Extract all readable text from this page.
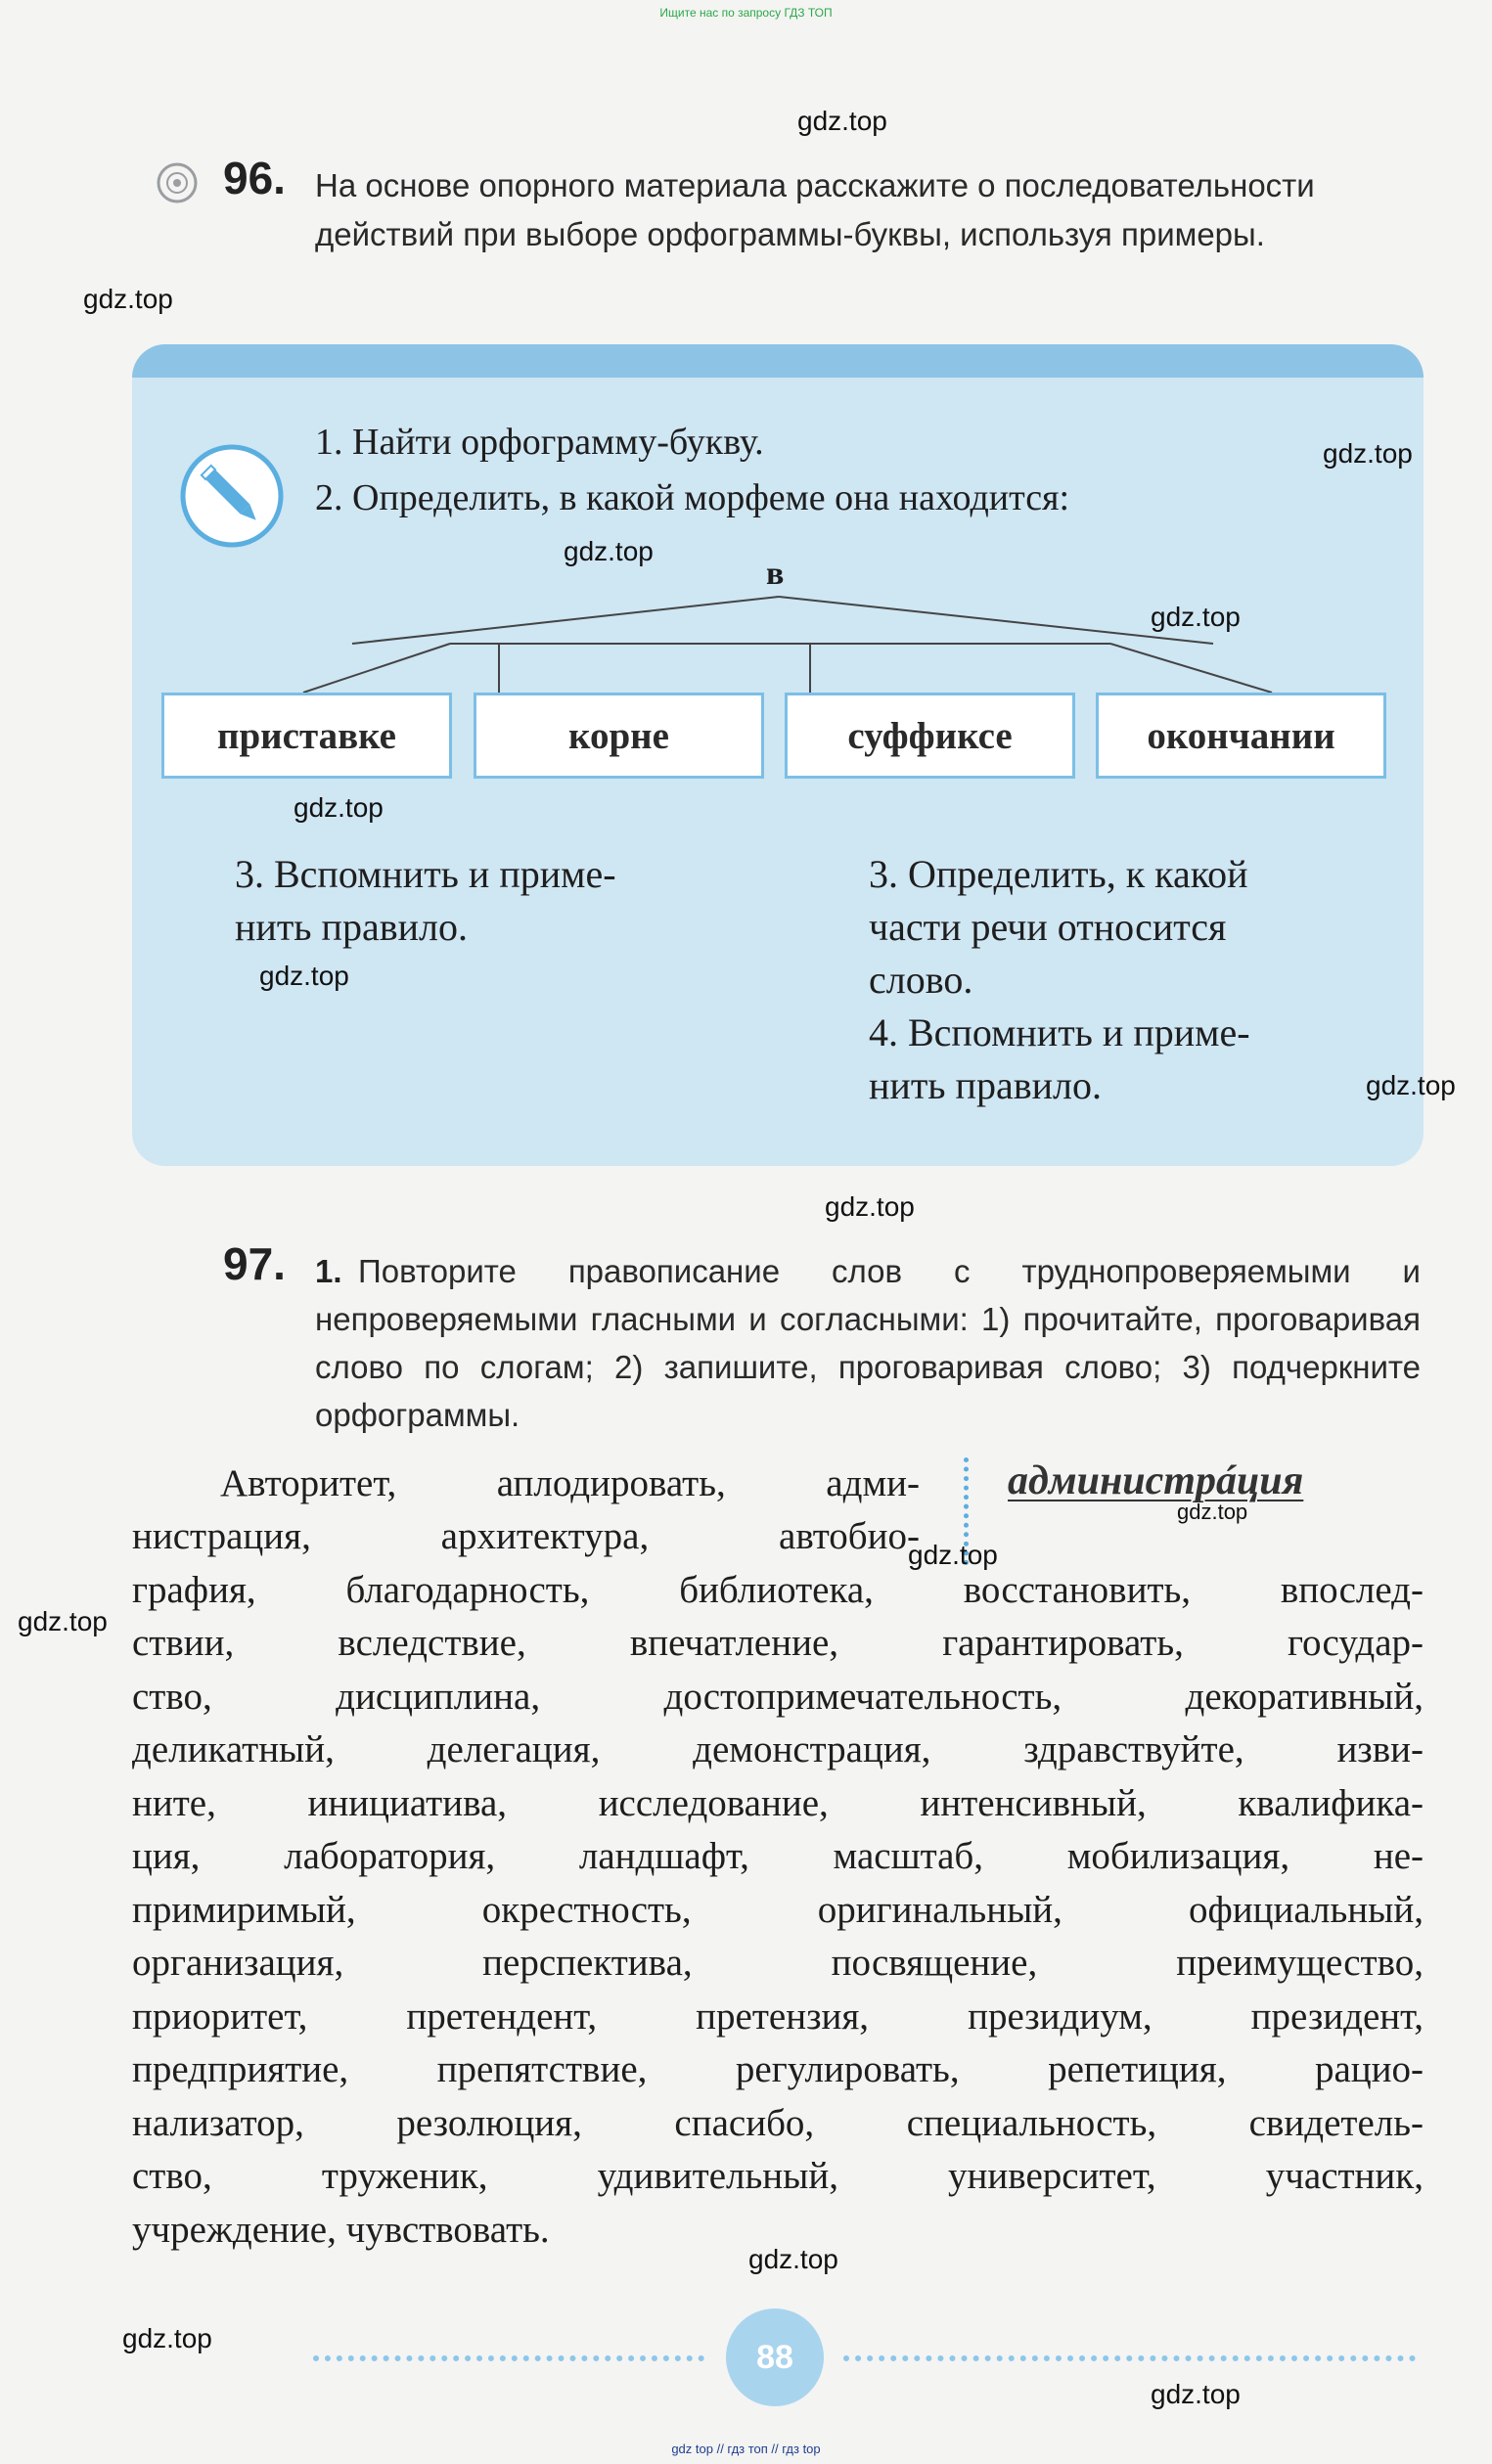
Ищите нас по запросу ГДЗ ТОП
96. На основе опорного материала расскажите о последовательности действий при выборе орфограммы-буквы, используя примеры.
1. Найти орфограмму-букву.
2. Определить, в какой морфеме она находится:
в
приставке	корне	суффиксе	окончании
3. Вспомнить и приме-
нить правило.
3. Определить, к какой
части речи относится
слово.
4. Вспомнить и приме-
нить правило.
97. 1. Повторите правописание слов с труднопроверяемыми и непроверяемыми гласными и согласными: 1) прочитайте, проговаривая слово по слогам; 2) запишите, проговаривая слово; 3) подчеркните орфограммы.
администрáция
Авторитет, аплодировать, адми-
нистрация, архитектура, автобио-
графия, благодарность, библиотека, восстановить, впослед-
ствии, вследствие, впечатление, гарантировать, государ-
ство, дисциплина, достопримечательность, декоративный,
деликатный, делегация, демонстрация, здравствуйте, изви-
ните, инициатива, исследование, интенсивный, квалифика-
ция, лаборатория, ландшафт, масштаб, мобилизация, не-
примиримый, окрестность, оригинальный, официальный,
организация, перспектива, посвящение, преимущество,
приоритет, претендент, претензия, президиум, президент,
предприятие, препятствие, регулировать, репетиция, рацио-
нализатор, резолюция, спасибо, специальность, свидетель-
ство, труженик, удивительный, университет, участник,
учреждение, чувствовать.
88
gdz.top
gdz.top
gdz.top
gdz.top
gdz.top
gdz.top
gdz.top
gdz.top
gdz.top
gdz.top
gdz.top
gdz.top
gdz.top
gdz.top
gdz.top
gdz top // гдз топ // гдз top
